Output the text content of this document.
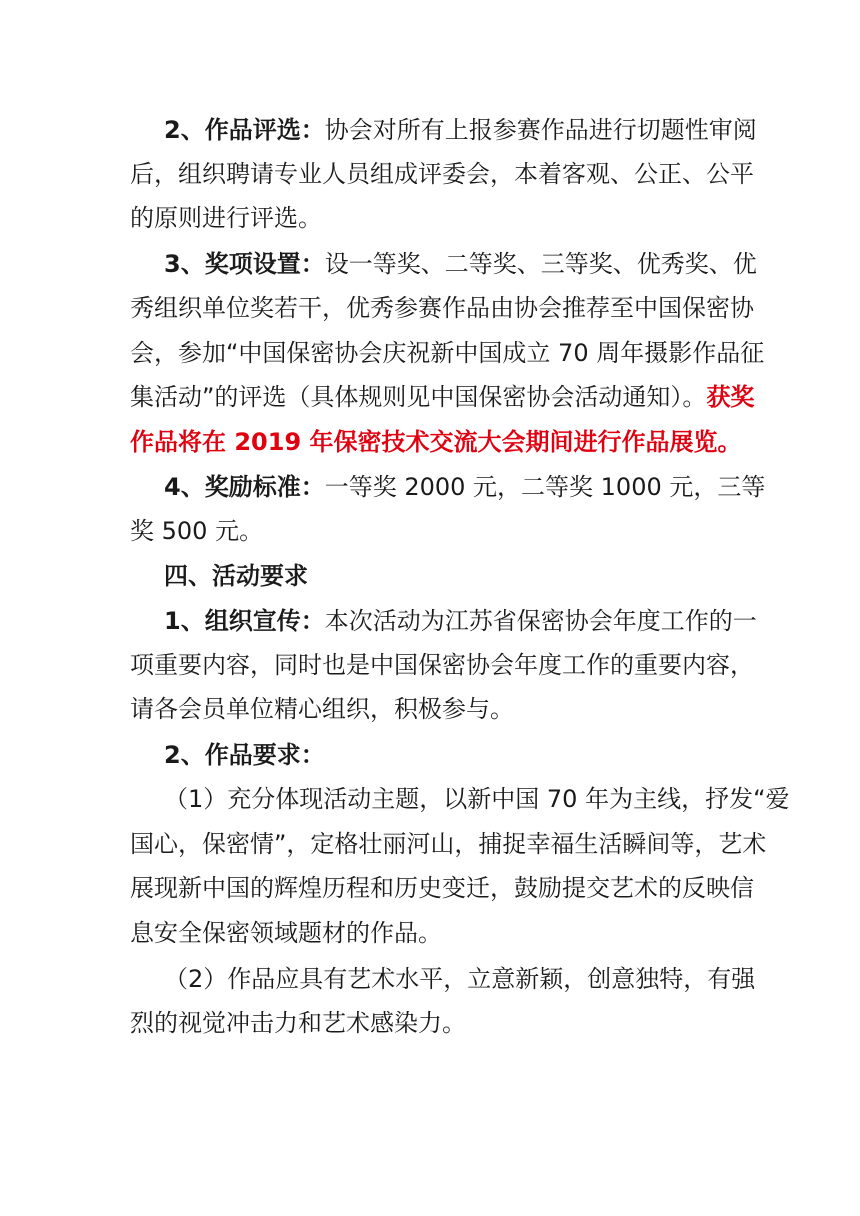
2、作品评选：协会对所有上报参赛作品进行切题性审阅
后，组织聘请专业人员组成评委会，本着客观、公正、公平
的原则进行评选。
3、奖项设置：设一等奖、二等奖、三等奖、优秀奖、优
秀组织单位奖若干，优秀参赛作品由协会推荐至中国保密协
会，参加“中国保密协会庆祝新中国成立 70 周年摄影作品征
集活动”的评选（具体规则见中国保密协会活动通知）。获奖
作品将在 2019 年保密技术交流大会期间进行作品展览。
4、奖励标准：一等奖 2000 元，二等奖 1000 元，三等
奖 500 元。
四、活动要求
1、组织宣传：本次活动为江苏省保密协会年度工作的一
项重要内容，同时也是中国保密协会年度工作的重要内容，
请各会员单位精心组织，积极参与。
2、作品要求：
（1）充分体现活动主题，以新中国 70 年为主线，抒发“爱
国心，保密情”，定格壮丽河山，捕捉幸福生活瞬间等，艺术
展现新中国的辉煌历程和历史变迁，鼓励提交艺术的反映信
息安全保密领域题材的作品。
（2）作品应具有艺术水平，立意新颖，创意独特，有强
烈的视觉冲击力和艺术感染力。
